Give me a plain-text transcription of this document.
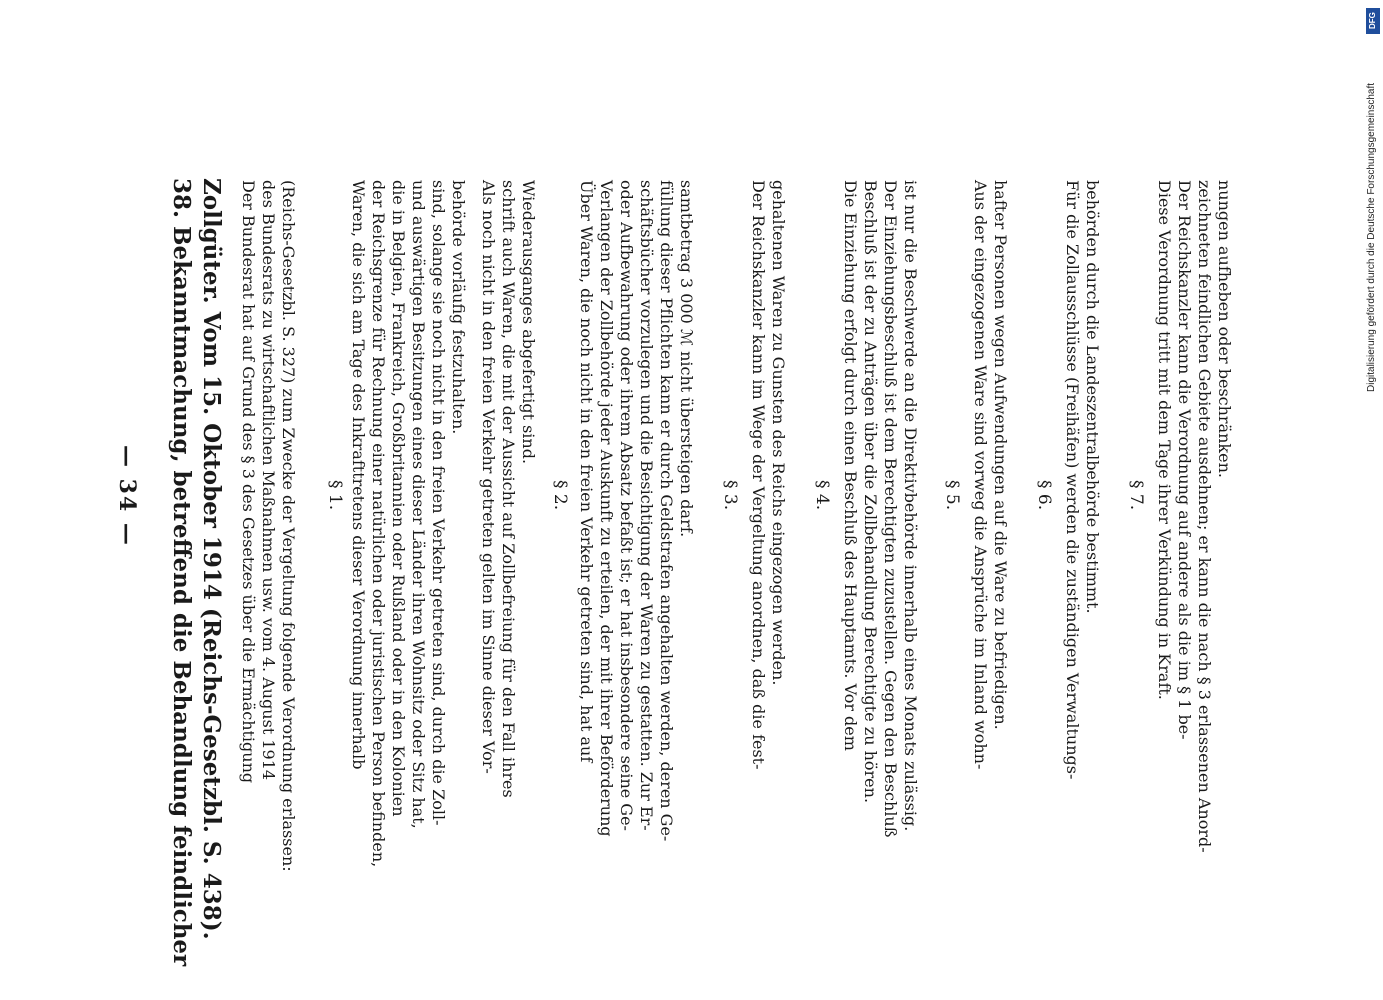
— 34 — 38. Bekanntmachung, betreffend die Behandlung feindlicher Zollgüter. Vom 15. Oktober 1914 (Reichs-Gesetzbl. S. 438). Der Bundesrat hat auf Grund des § 3 des Gesetzes über die Ermächtigung des Bundesrats zu wirtschaftlichen Maßnahmen usw. vom 4. August 1914 (Reichs-Gesetzbl. S. 327) zum Zwecke der Vergeltung folgende Verordnung erlassen: § 1. Waren, die sich am Tage des Inkrafttretens dieser Verordnung innerhalb der Reichsgrenze für Rechnung einer natürlichen oder juristischen Person befinden, die in Belgien, Frankreich, Großbritannien oder Rußland oder in den Kolonien und auswärtigen Besitzungen eines dieser Länder ihren Wohnsitz oder Sitz hat, sind, solange sie noch nicht in den freien Verkehr getreten sind, durch die Zoll- behörde vorläufig festzuhalten. Als noch nicht in den freien Verkehr getreten gelten im Sinne dieser Vor- schrift auch Waren, die mit der Aussicht auf Zollbefreiung für den Fall ihres Wiederausganges abgefertigt sind.
§ 2. Über Waren, die noch nicht in den freien Verkehr getreten sind, hat auf Verlangen der Zollbehörde jeder Auskunft zu erteilen, der mit ihrer Beförderung oder Aufbewahrung oder ihrem Absatz befaßt ist; er hat insbesondere seine Ge- schäftsbücher vorzulegen und die Besichtigung der Waren zu gestatten. Zur Er- füllung dieser Pflichten kann er durch Geldstrafen angehalten werden, deren Ge- samtbetrag 3 000 ℳ nicht übersteigen darf. § 3. Der Reichskanzler kann im Wege der Vergeltung anordnen, daß die fest- gehaltenen Waren zu Gunsten des Reichs eingezogen werden. § 4. Die Einziehung erfolgt durch einen Beschluß des Hauptamts. Vor dem Beschluß ist der zu Anträgen über die Zollbehandlung Berechtigte zu hören. Der Einziehungsbeschluß ist dem Berechtigten zuzustellen. Gegen den Beschluß ist nur die Beschwerde an die Direktivbehörde innerhalb eines Monats zulässig. § 5. Aus der eingezogenen Ware sind vorweg die Ansprüche im Inland wohn- hafter Personen wegen Aufwendungen auf die Ware zu befriedigen. § 6. Für die Zollausschlüsse (Freihäfen) werden die zuständigen Verwaltungs- behörden durch die Landeszentralbehörde bestimmt. § 7. Diese Verordnung tritt mit dem Tage ihrer Verkündung in Kraft. Der Reichskanzler kann die Verordnung auf andere als die im § 1 be- zeichneten feindlichen Gebiete ausdehnen; er kann die nach § 3 erlassenen Anord- nungen aufheben oder beschränken.
DFG
Digitalisierung gefördert durch die Deutsche Forschungsgemeinschaft
